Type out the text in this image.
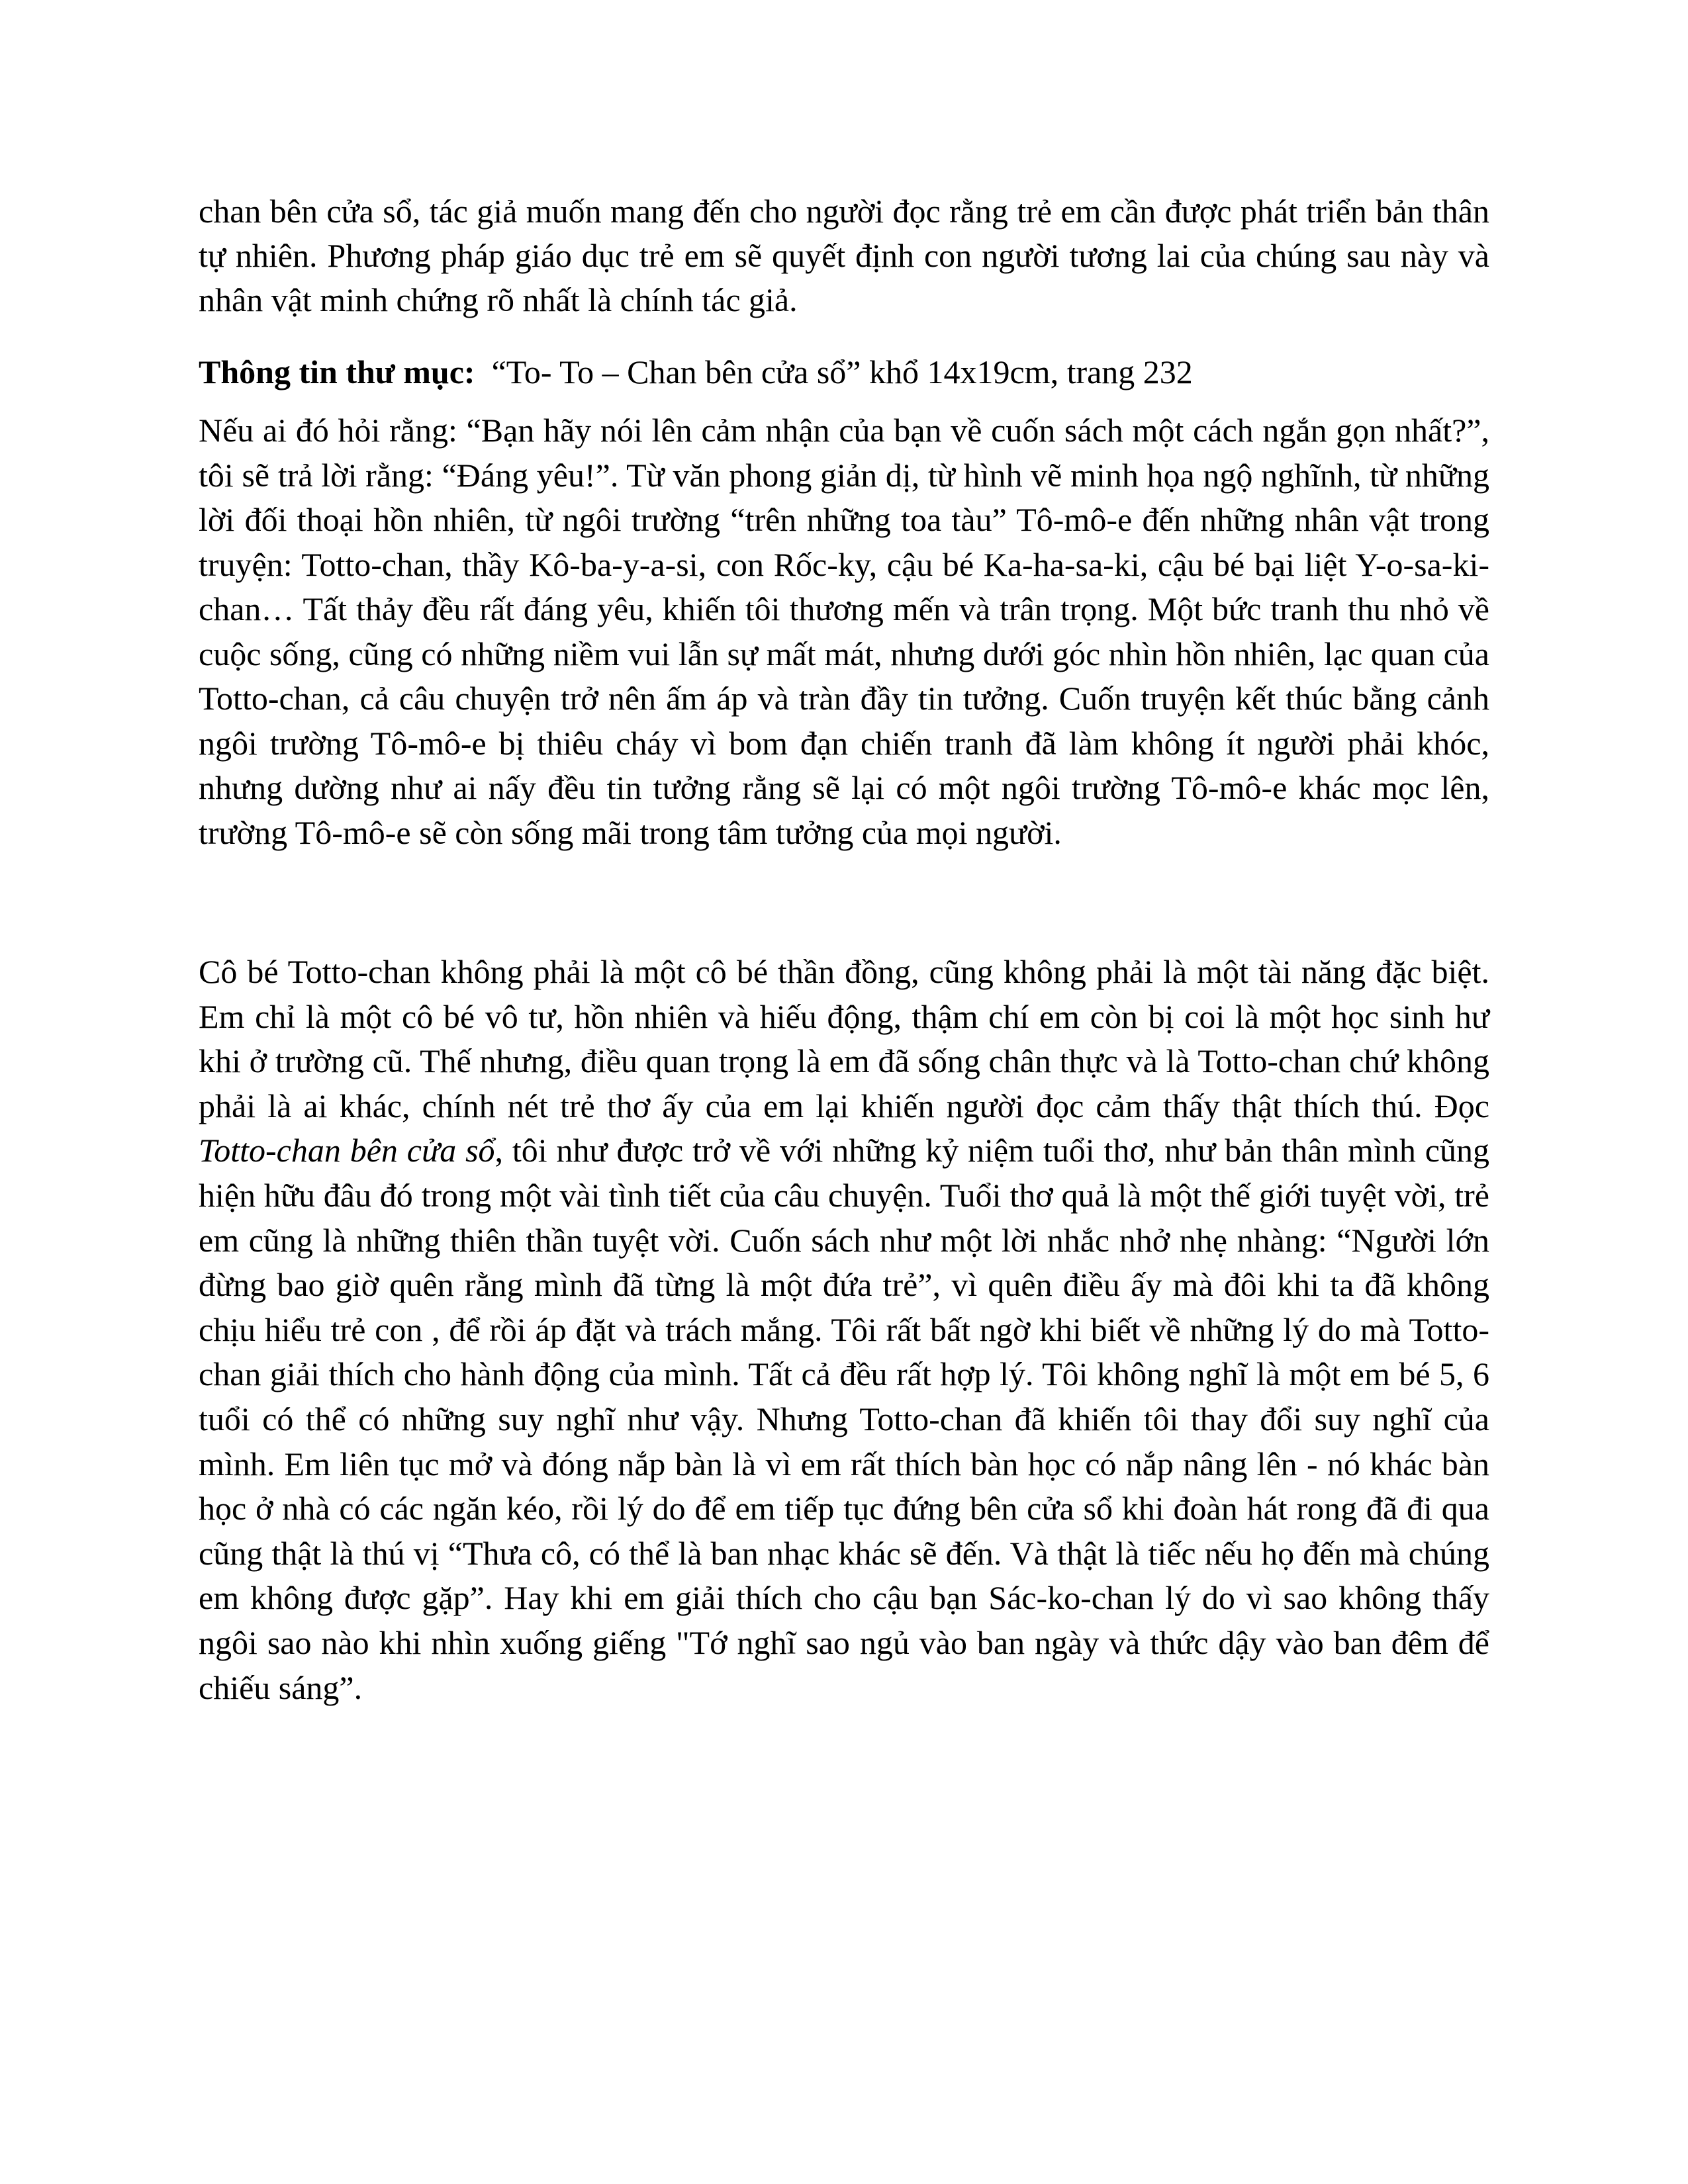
chan bên cửa sổ, tác giả muốn mang đến cho người đọc rằng trẻ em cần được phát triển bản thân tự nhiên. Phương pháp giáo dục trẻ em sẽ quyết định con người tương lai của chúng sau này và nhân vật minh chứng rõ nhất là chính tác giả.

Thông tin thư mục: “To- To – Chan bên cửa sổ” khổ 14x19cm, trang 232

Nếu ai đó hỏi rằng: “Bạn hãy nói lên cảm nhận của bạn về cuốn sách một cách ngắn gọn nhất?”, tôi sẽ trả lời rằng: “Đáng yêu!”. Từ văn phong giản dị, từ hình vẽ minh họa ngộ nghĩnh, từ những lời đối thoại hồn nhiên, từ ngôi trường “trên những toa tàu” Tô-mô-e đến những nhân vật trong truyện: Totto-chan, thầy Kô-ba-y-a-si, con Rốc-ky, cậu bé Ka-ha-sa-ki, cậu bé bại liệt Y-o-sa-ki-chan… Tất thảy đều rất đáng yêu, khiến tôi thương mến và trân trọng. Một bức tranh thu nhỏ về cuộc sống, cũng có những niềm vui lẫn sự mất mát, nhưng dưới góc nhìn hồn nhiên, lạc quan của Totto-chan, cả câu chuyện trở nên ấm áp và tràn đầy tin tưởng. Cuốn truyện kết thúc bằng cảnh ngôi trường Tô-mô-e bị thiêu cháy vì bom đạn chiến tranh đã làm không ít người phải khóc, nhưng dường như ai nấy đều tin tưởng rằng sẽ lại có một ngôi trường Tô-mô-e khác mọc lên, trường Tô-mô-e sẽ còn sống mãi trong tâm tưởng của mọi người.

Cô bé Totto-chan không phải là một cô bé thần đồng, cũng không phải là một tài năng đặc biệt. Em chỉ là một cô bé vô tư, hồn nhiên và hiếu động, thậm chí em còn bị coi là một học sinh hư khi ở trường cũ. Thế nhưng, điều quan trọng là em đã sống chân thực và là Totto-chan chứ không phải là ai khác, chính nét trẻ thơ ấy của em lại khiến người đọc cảm thấy thật thích thú. Đọc Totto-chan bên cửa sổ, tôi như được trở về với những kỷ niệm tuổi thơ, như bản thân mình cũng hiện hữu đâu đó trong một vài tình tiết của câu chuyện. Tuổi thơ quả là một thế giới tuyệt vời, trẻ em cũng là những thiên thần tuyệt vời. Cuốn sách như một lời nhắc nhở nhẹ nhàng: “Người lớn đừng bao giờ quên rằng mình đã từng là một đứa trẻ”, vì quên điều ấy mà đôi khi ta đã không chịu hiểu trẻ con , để rồi áp đặt và trách mắng. Tôi rất bất ngờ khi biết về những lý do mà Totto-chan giải thích cho hành động của mình. Tất cả đều rất hợp lý. Tôi không nghĩ là một em bé 5, 6 tuổi có thể có những suy nghĩ như vậy. Nhưng Totto-chan đã khiến tôi thay đổi suy nghĩ của mình. Em liên tục mở và đóng nắp bàn là vì em rất thích bàn học có nắp nâng lên - nó khác bàn học ở nhà có các ngăn kéo, rồi lý do để em tiếp tục đứng bên cửa sổ khi đoàn hát rong đã đi qua cũng thật là thú vị “Thưa cô, có thể là ban nhạc khác sẽ đến. Và thật là tiếc nếu họ đến mà chúng em không được gặp”. Hay khi em giải thích cho cậu bạn Sác-ko-chan lý do vì sao không thấy ngôi sao nào khi nhìn xuống giếng "Tớ nghĩ sao ngủ vào ban ngày và thức dậy vào ban đêm để chiếu sáng”.
